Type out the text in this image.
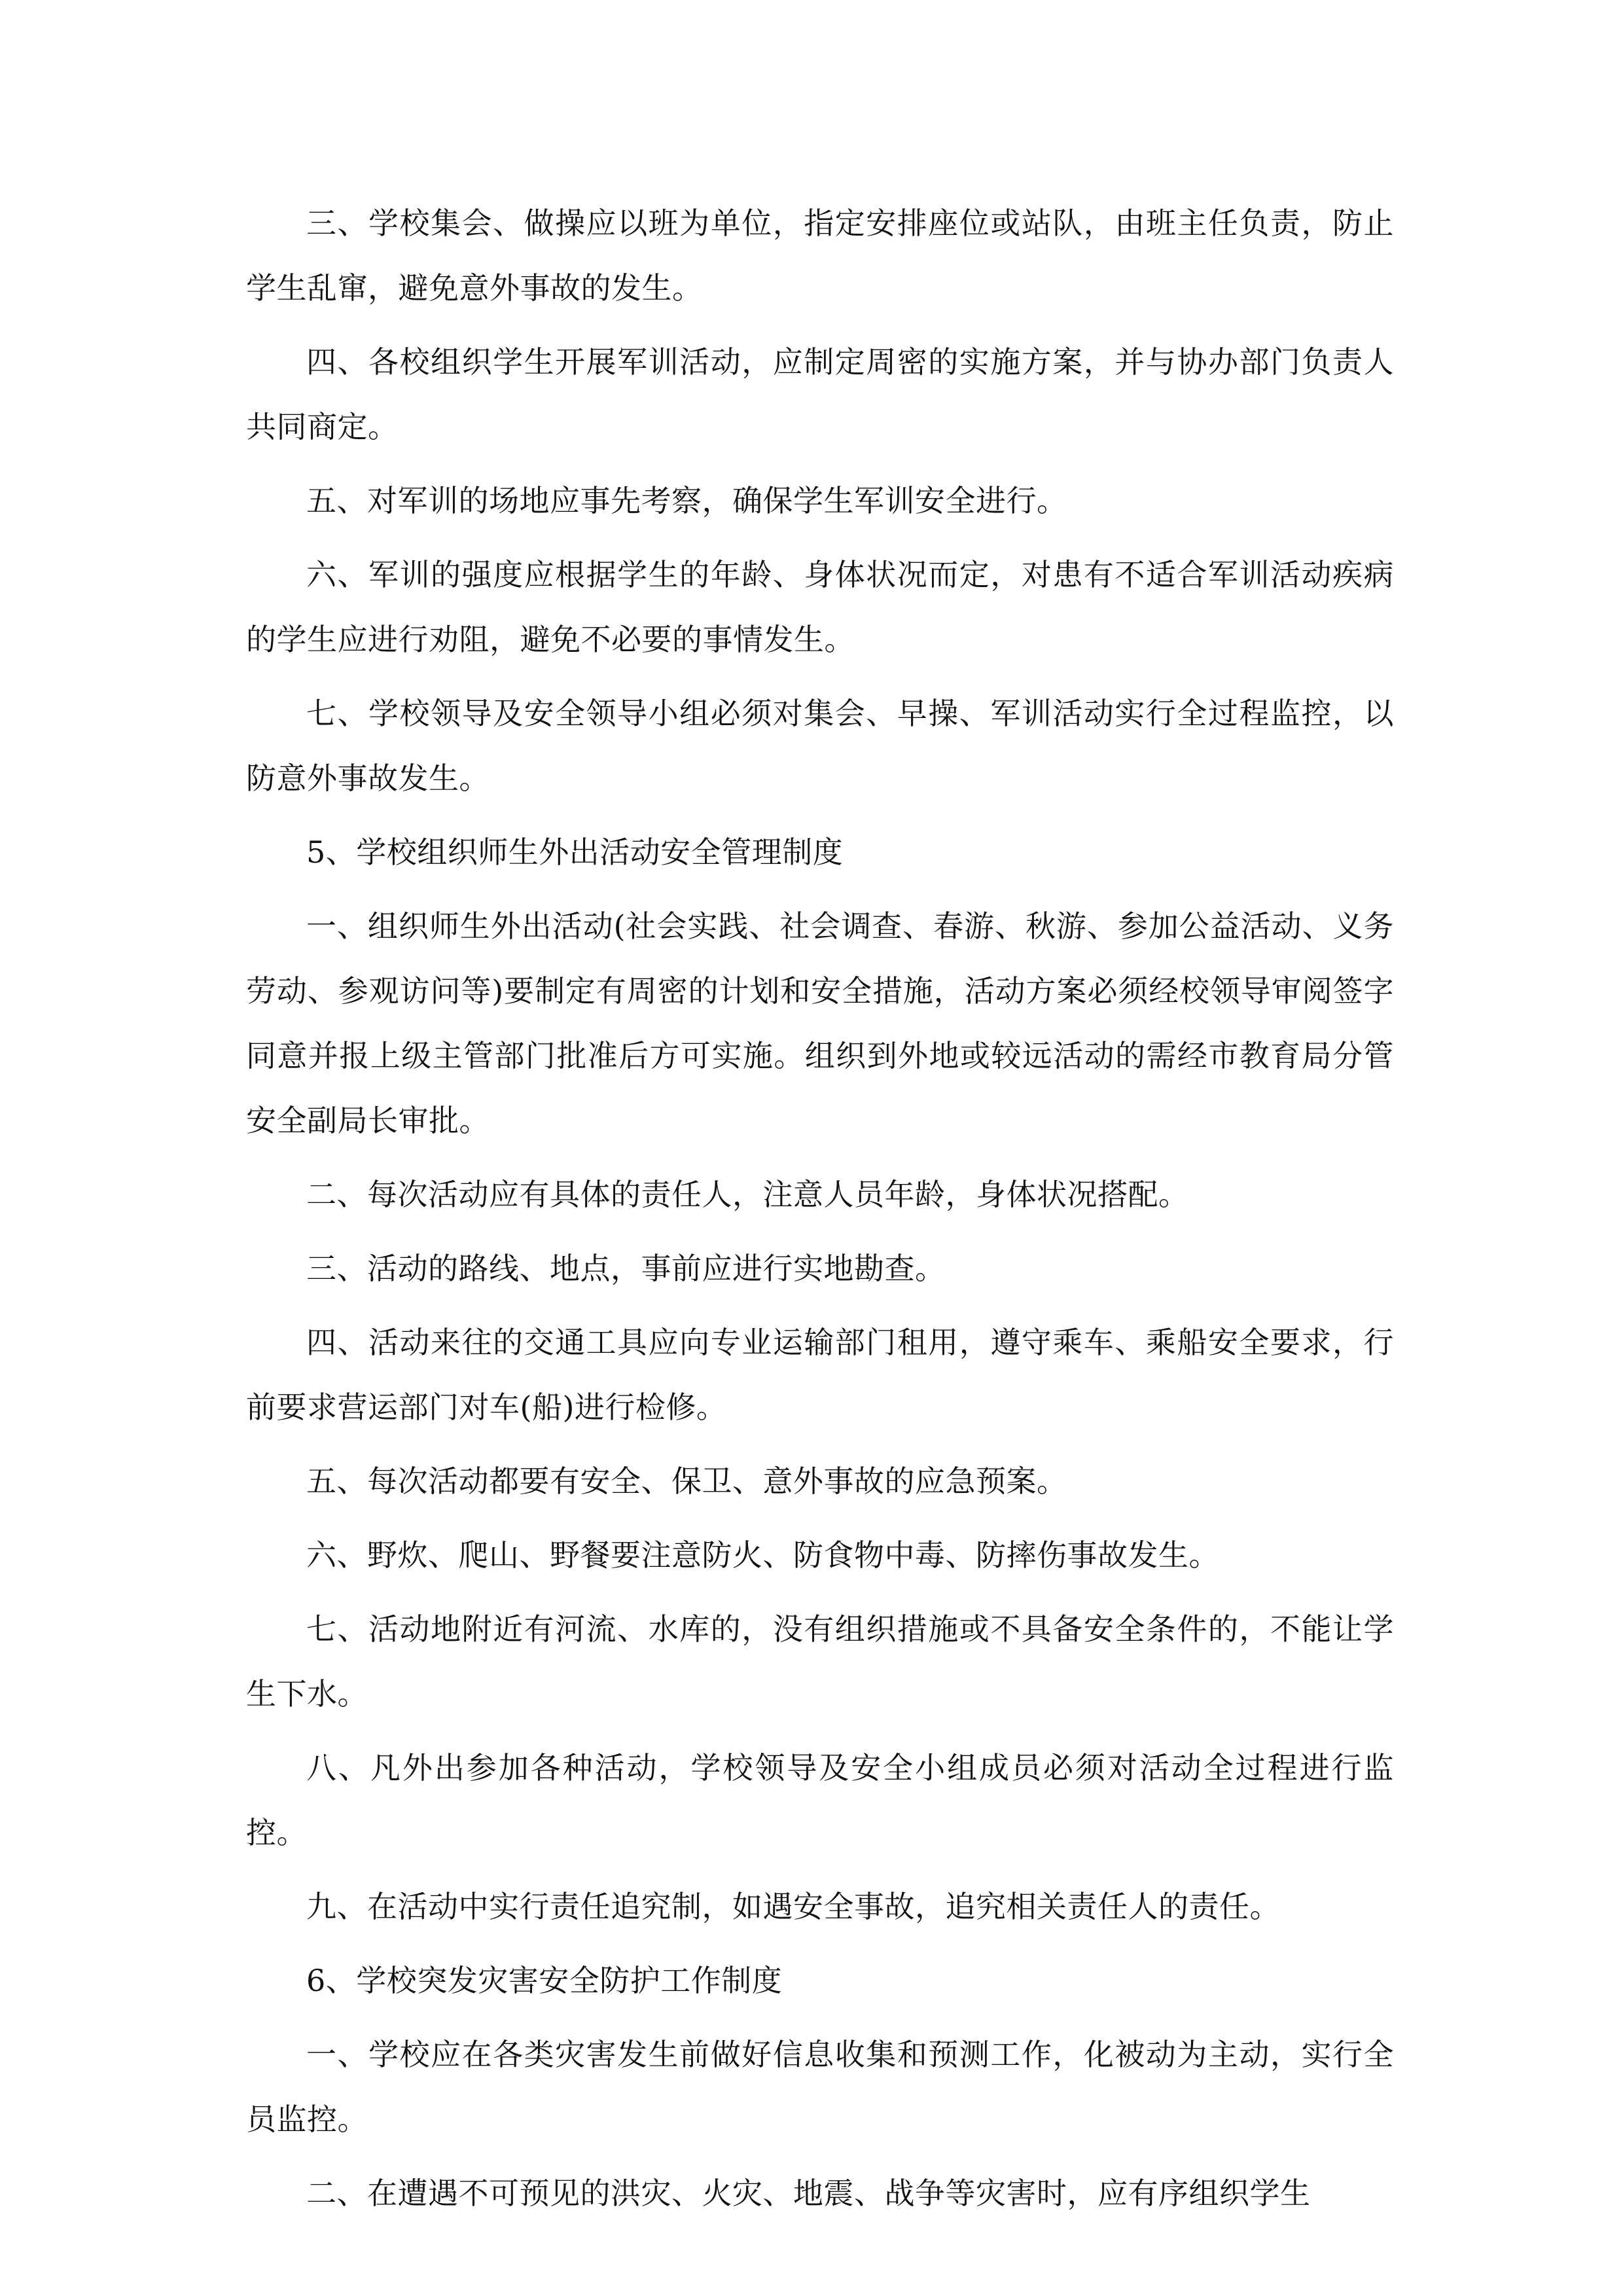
三、学校集会、做操应以班为单位，指定安排座位或站队，由班主任负责，防止学生乱窜，避免意外事故的发生。

四、各校组织学生开展军训活动，应制定周密的实施方案，并与协办部门负责人共同商定。

五、对军训的场地应事先考察，确保学生军训安全进行。

六、军训的强度应根据学生的年龄、身体状况而定，对患有不适合军训活动疾病的学生应进行劝阻，避免不必要的事情发生。

七、学校领导及安全领导小组必须对集会、早操、军训活动实行全过程监控，以防意外事故发生。

5、学校组织师生外出活动安全管理制度

一、组织师生外出活动(社会实践、社会调查、春游、秋游、参加公益活动、义务劳动、参观访问等)要制定有周密的计划和安全措施，活动方案必须经校领导审阅签字同意并报上级主管部门批准后方可实施。组织到外地或较远活动的需经市教育局分管安全副局长审批。

二、每次活动应有具体的责任人，注意人员年龄，身体状况搭配。

三、活动的路线、地点，事前应进行实地勘查。

四、活动来往的交通工具应向专业运输部门租用，遵守乘车、乘船安全要求，行前要求营运部门对车(船)进行检修。

五、每次活动都要有安全、保卫、意外事故的应急预案。

六、野炊、爬山、野餐要注意防火、防食物中毒、防摔伤事故发生。

七、活动地附近有河流、水库的，没有组织措施或不具备安全条件的，不能让学生下水。

八、凡外出参加各种活动，学校领导及安全小组成员必须对活动全过程进行监控。

九、在活动中实行责任追究制，如遇安全事故，追究相关责任人的责任。

6、学校突发灾害安全防护工作制度

一、学校应在各类灾害发生前做好信息收集和预测工作，化被动为主动，实行全员监控。

二、在遭遇不可预见的洪灾、火灾、地震、战争等灾害时，应有序组织学生
